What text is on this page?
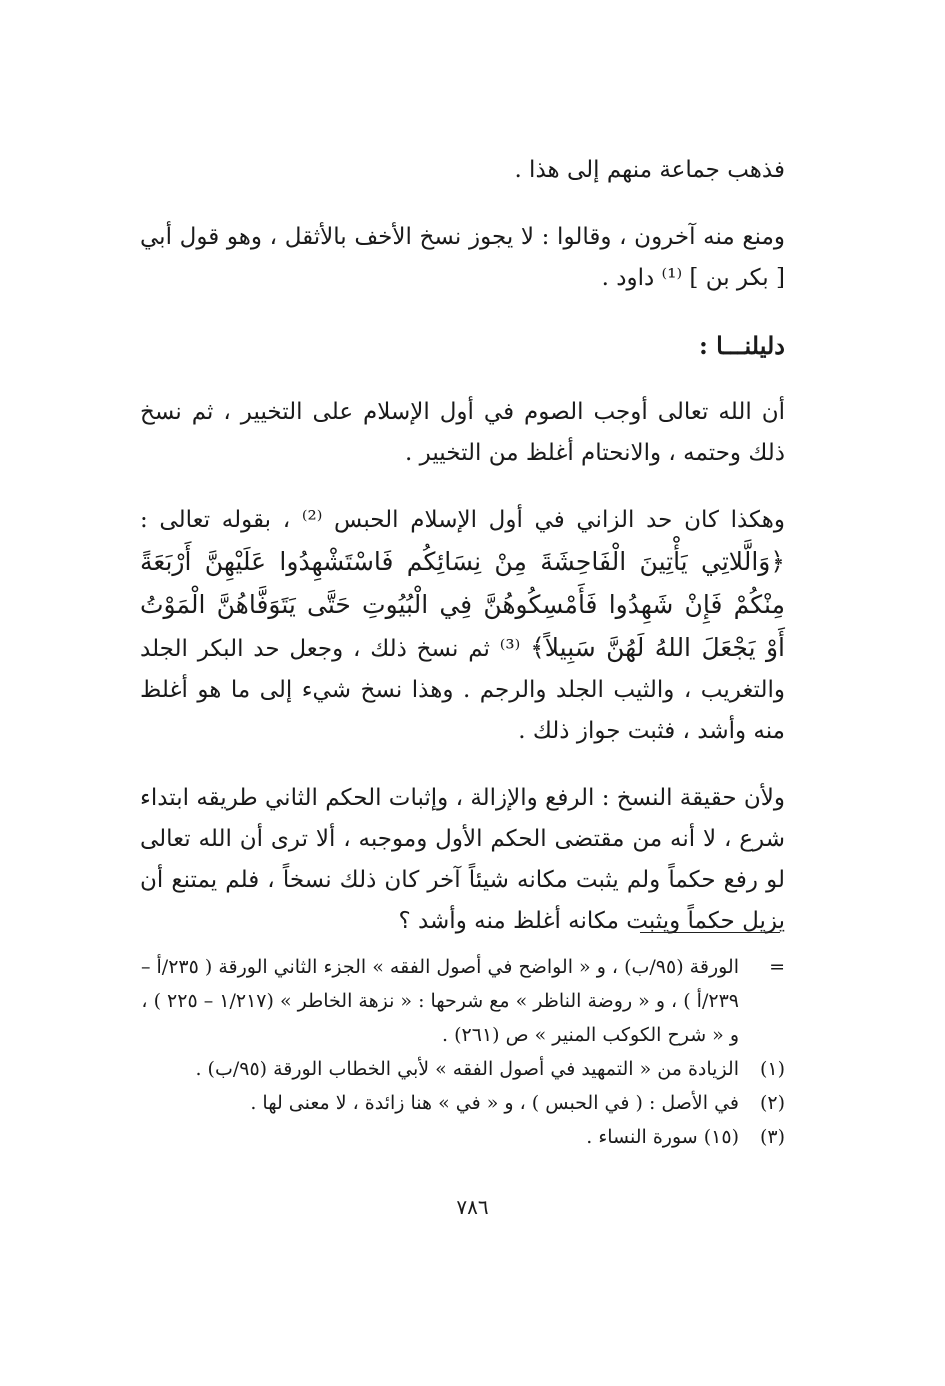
فذهب جماعة منهم إلى هذا .

ومنع منه آخرون ، وقالوا : لا يجوز نسخ الأخف بالأثقل ، وهو قول أبي [ بكر بن ] ⁽¹⁾ داود .

دليلنـــا :

أن الله تعالى أوجب الصوم في أول الإسلام على التخيير ، ثم نسخ ذلك وحتمه ، والانحتام أغلظ من التخيير .

وهكذا كان حد الزاني في أول الإسلام الحبس ⁽²⁾ ، بقوله تعالى : ﴿وَالَّلاتِي يَأْتِينَ الْفَاحِشَةَ مِنْ نِسَائِكُم فَاسْتَشْهِدُوا عَلَيْهِنَّ أَرْبَعَةً مِنْكُمْ فَإِنْ شَهِدُوا فَأَمْسِكُوهُنَّ فِي الْبُيُوتِ حَتَّى يَتَوَفَّاهُنَّ الْمَوْتُ أَوْ يَجْعَلَ اللهُ لَهُنَّ سَبِيلاً﴾ ⁽³⁾ ثم نسخ ذلك ، وجعل حد البكر الجلد والتغريب ، والثيب الجلد والرجم . وهذا نسخ شيء إلى ما هو أغلظ منه وأشد ، فثبت جواز ذلك .

ولأن حقيقة النسخ : الرفع والإزالة ، وإثبات الحكم الثاني طريقه ابتداء شرع ، لا أنه من مقتضى الحكم الأول وموجبه ، ألا ترى أن الله تعالى لو رفع حكماً ولم يثبت مكانه شيئاً آخر كان ذلك نسخاً ، فلم يمتنع أن يزيل حكماً ويثبت مكانه أغلظ منه وأشد ؟

=
الورقة (٩٥/ب) ، و « الواضح في أصول الفقه » الجزء الثاني الورقة ( ٢٣٥/أ – ٢٣٩/أ ) ، و « روضة الناظر » مع شرحها : « نزهة الخاطر » (١/٢١٧ – ٢٢٥ ) ، و « شرح الكوكب المنير » ص (٢٦١) .
(١)
الزيادة من « التمهيد في أصول الفقه » لأبي الخطاب الورقة (٩٥/ب) .
(٢)
في الأصل : ( في الحبس ) ، و « في » هنا زائدة ، لا معنى لها .
(٣)
(١٥) سورة النساء .
٧٨٦
